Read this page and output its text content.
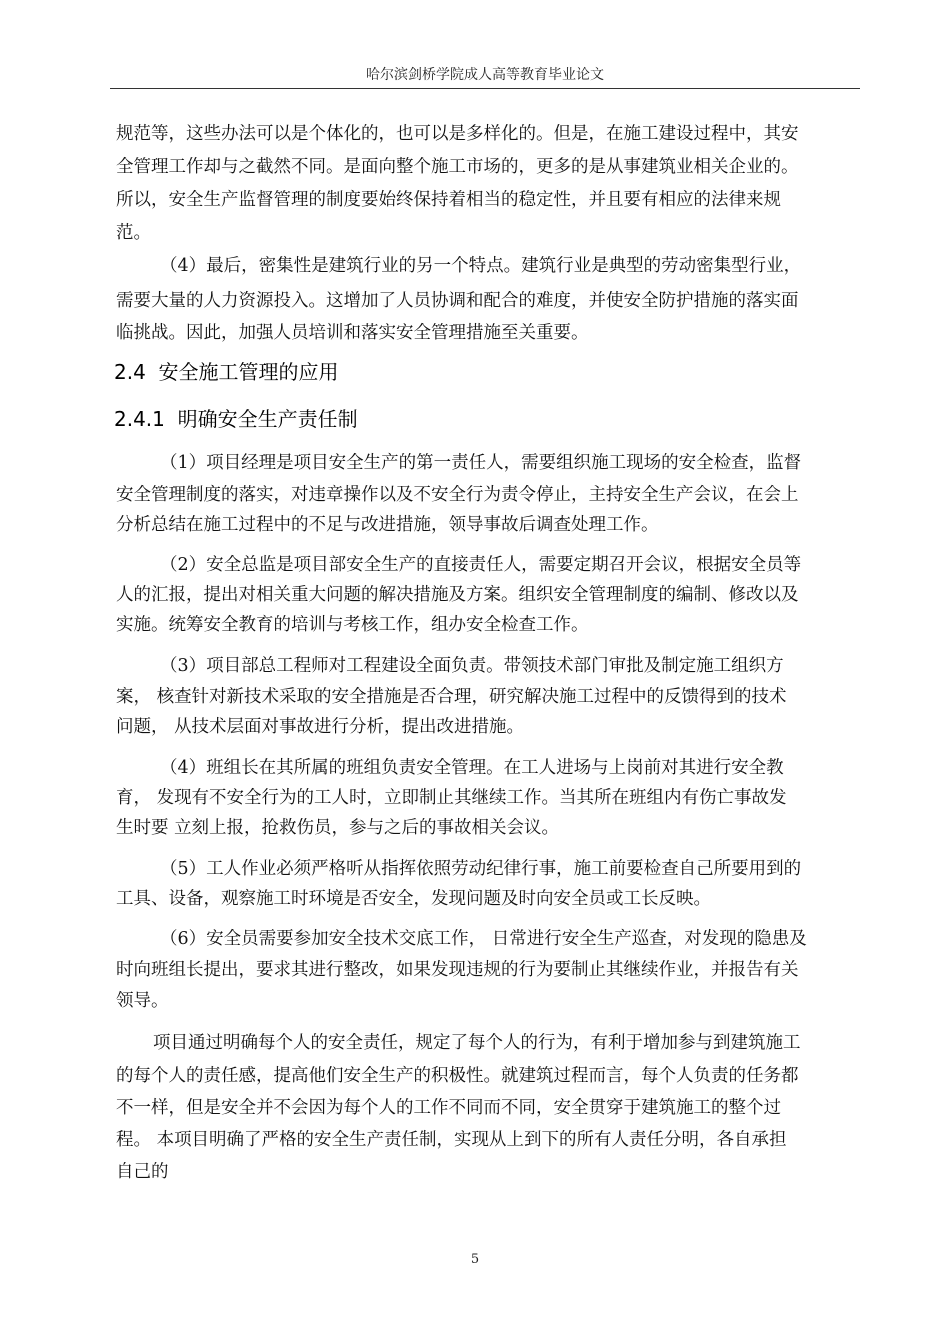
哈尔滨剑桥学院成人高等教育毕业论文
规范等，这些办法可以是个体化的，也可以是多样化的。但是，在施工建设过程中，其安
全管理工作却与之截然不同。是面向整个施工市场的，更多的是从事建筑业相关企业的。
所以，安全生产监督管理的制度要始终保持着相当的稳定性，并且要有相应的法律来规
范。
（4）最后，密集性是建筑行业的另一个特点。建筑行业是典型的劳动密集型行业，
需要大量的人力资源投入。这增加了人员协调和配合的难度，并使安全防护措施的落实面
临挑战。因此，加强人员培训和落实安全管理措施至关重要。
2.4 安全施工管理的应用
2.4.1 明确安全生产责任制
（1）项目经理是项目安全生产的第一责任人，需要组织施工现场的安全检查，监督
安全管理制度的落实，对违章操作以及不安全行为责令停止，主持安全生产会议，在会上
分析总结在施工过程中的不足与改进措施，领导事故后调查处理工作。
（2）安全总监是项目部安全生产的直接责任人，需要定期召开会议，根据安全员等
人的汇报，提出对相关重大问题的解决措施及方案。组织安全管理制度的编制、修改以及
实施。统筹安全教育的培训与考核工作，组办安全检查工作。
（3）项目部总工程师对工程建设全面负责。带领技术部门审批及制定施工组织方
案， 核查针对新技术采取的安全措施是否合理，研究解决施工过程中的反馈得到的技术
问题， 从技术层面对事故进行分析，提出改进措施。
（4）班组长在其所属的班组负责安全管理。在工人进场与上岗前对其进行安全教
育， 发现有不安全行为的工人时，立即制止其继续工作。当其所在班组内有伤亡事故发
生时要 立刻上报，抢救伤员，参与之后的事故相关会议。
（5）工人作业必须严格听从指挥依照劳动纪律行事，施工前要检查自己所要用到的
工具、设备，观察施工时环境是否安全，发现问题及时向安全员或工长反映。
（6）安全员需要参加安全技术交底工作， 日常进行安全生产巡查，对发现的隐患及
时向班组长提出，要求其进行整改，如果发现违规的行为要制止其继续作业，并报告有关
领导。
项目通过明确每个人的安全责任，规定了每个人的行为，有利于增加参与到建筑施工
的每个人的责任感，提高他们安全生产的积极性。就建筑过程而言，每个人负责的任务都
不一样，但是安全并不会因为每个人的工作不同而不同，安全贯穿于建筑施工的整个过
程。 本项目明确了严格的安全生产责任制，实现从上到下的所有人责任分明，各自承担
自己的
5
